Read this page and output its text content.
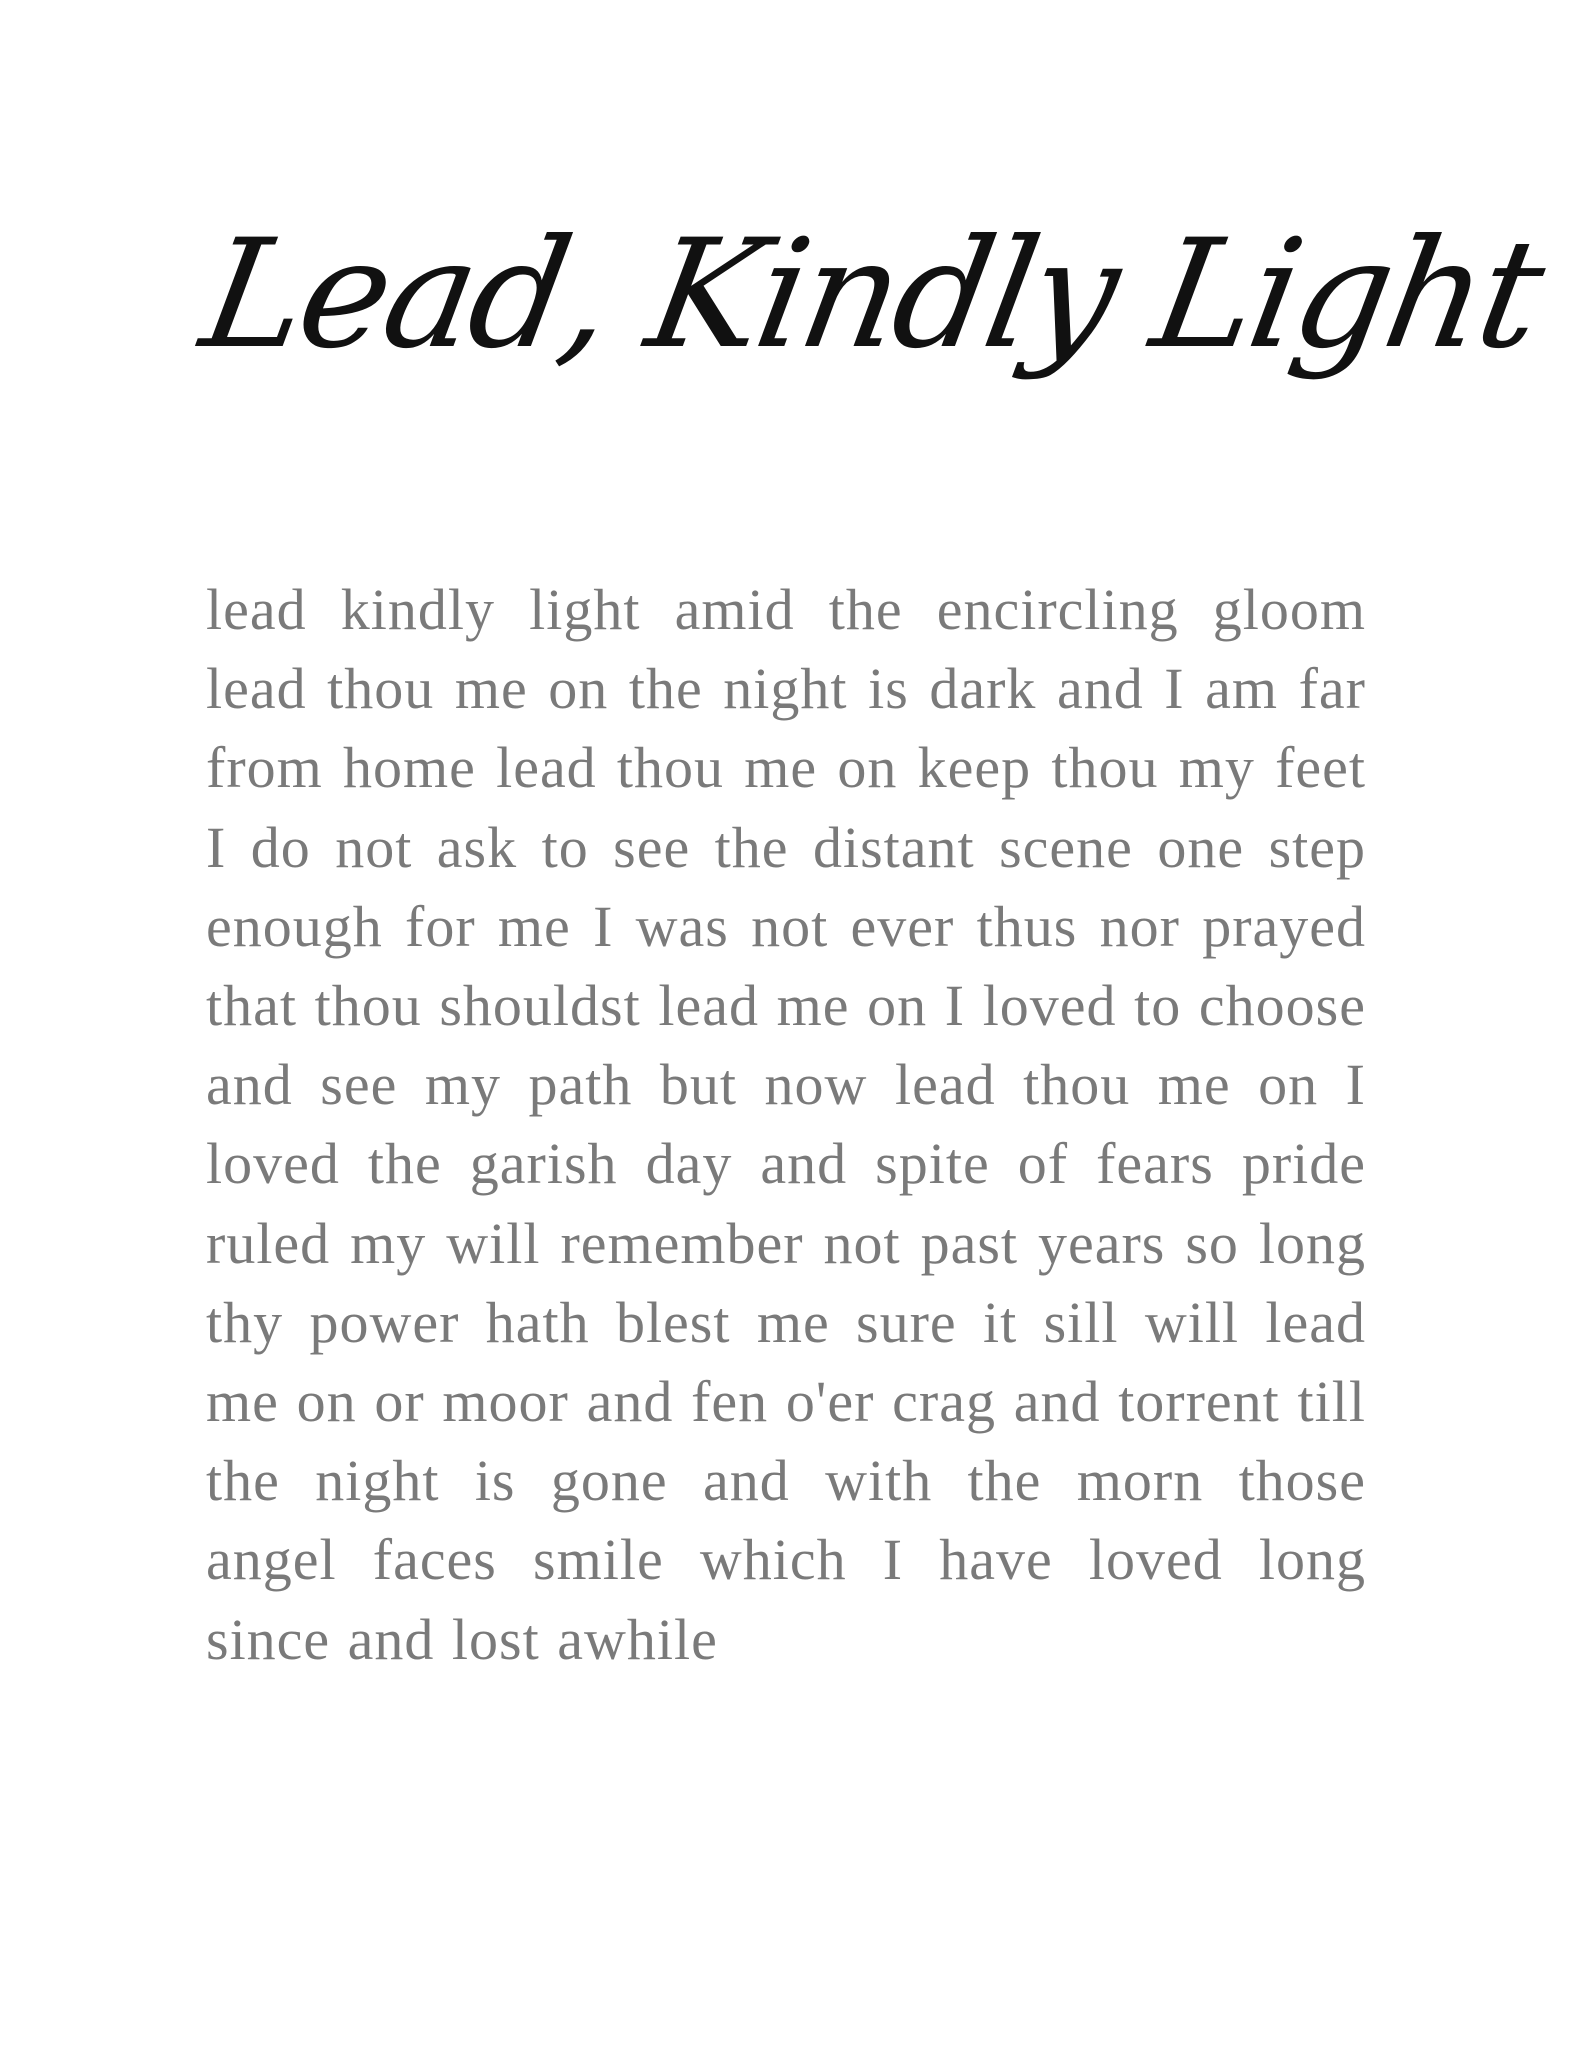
Lead, Kindly Light

lead kindly light amid the encircling gloom lead thou me on the night is dark and I am far from home lead thou me on keep thou my feet I do not ask to see the distant scene one step enough for me I was not ever thus nor prayed that thou shouldst lead me on I loved to choose and see my path but now lead thou me on I loved the garish day and spite of fears pride ruled my will remember not past years so long thy power hath blest me sure it sill will lead me on or moor and fen o'er crag and torrent till the night is gone and with the morn those angel faces smile which I have loved long since and lost awhile
